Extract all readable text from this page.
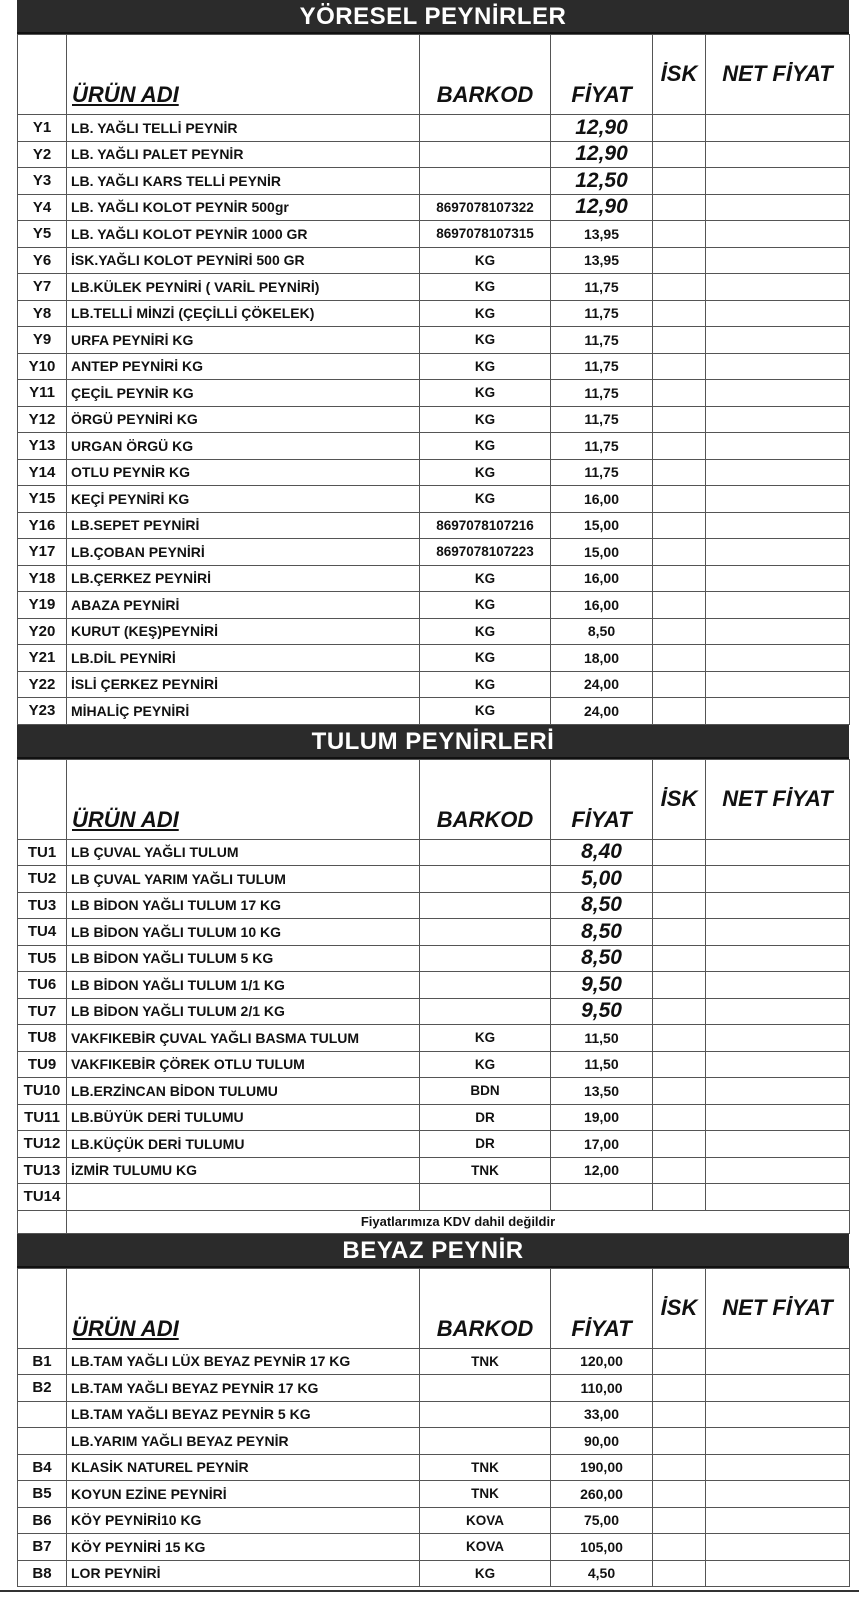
YÖRESEL PEYNİRLER
	ÜRÜN ADI	BARKOD	FİYAT	İSK	NET FİYAT
Y1	LB. YAĞLI TELLİ PEYNİR		12,90		
Y2	LB. YAĞLI PALET PEYNİR		12,90		
Y3	LB. YAĞLI KARS TELLİ PEYNİR		12,50		
Y4	LB. YAĞLI KOLOT PEYNİR 500gr	8697078107322	12,90		
Y5	LB. YAĞLI KOLOT PEYNİR 1000 GR	8697078107315	13,95		
Y6	İSK.YAĞLI KOLOT PEYNİRİ 500 GR	KG	13,95		
Y7	LB.KÜLEK PEYNİRİ ( VARİL PEYNİRİ)	KG	11,75		
Y8	LB.TELLİ MİNZİ (ÇEÇİLLİ ÇÖKELEK)	KG	11,75		
Y9	URFA PEYNİRİ KG	KG	11,75		
Y10	ANTEP PEYNİRİ KG	KG	11,75		
Y11	ÇEÇİL PEYNİR KG	KG	11,75		
Y12	ÖRGÜ PEYNİRİ KG	KG	11,75		
Y13	URGAN ÖRGÜ KG	KG	11,75		
Y14	OTLU PEYNİR KG	KG	11,75		
Y15	KEÇİ PEYNİRİ KG	KG	16,00		
Y16	LB.SEPET PEYNİRİ	8697078107216	15,00		
Y17	LB.ÇOBAN PEYNİRİ	8697078107223	15,00		
Y18	LB.ÇERKEZ PEYNİRİ	KG	16,00		
Y19	ABAZA PEYNİRİ	KG	16,00		
Y20	KURUT (KEŞ)PEYNİRİ	KG	8,50		
Y21	LB.DİL PEYNİRİ	KG	18,00		
Y22	İSLİ ÇERKEZ PEYNİRİ	KG	24,00		
Y23	MİHALİÇ PEYNİRİ	KG	24,00		
TULUM PEYNİRLERİ
	ÜRÜN ADI	BARKOD	FİYAT	İSK	NET FİYAT
TU1	LB ÇUVAL YAĞLI TULUM		8,40		
TU2	LB ÇUVAL YARIM YAĞLI TULUM		5,00		
TU3	LB BİDON YAĞLI TULUM 17 KG		8,50		
TU4	LB BİDON YAĞLI TULUM 10 KG		8,50		
TU5	LB BİDON YAĞLI TULUM 5 KG		8,50		
TU6	LB BİDON YAĞLI TULUM 1/1 KG		9,50		
TU7	LB BİDON YAĞLI TULUM 2/1 KG		9,50		
TU8	VAKFIKEBİR ÇUVAL YAĞLI BASMA TULUM	KG	11,50		
TU9	VAKFIKEBİR ÇÖREK OTLU TULUM	KG	11,50		
TU10	LB.ERZİNCAN BİDON TULUMU	BDN	13,50		
TU11	LB.BÜYÜK DERİ TULUMU	DR	19,00		
TU12	LB.KÜÇÜK DERİ TULUMU	DR	17,00		
TU13	İZMİR TULUMU KG	TNK	12,00		
TU14					
	Fiyatlarımıza KDV dahil değildir				
BEYAZ PEYNİR
	ÜRÜN ADI	BARKOD	FİYAT	İSK	NET FİYAT
B1	LB.TAM YAĞLI LÜX BEYAZ PEYNİR 17 KG	TNK	120,00		
B2	LB.TAM YAĞLI BEYAZ PEYNİR 17 KG		110,00		
	LB.TAM YAĞLI BEYAZ PEYNİR 5 KG		33,00		
	LB.YARIM YAĞLI BEYAZ PEYNİR		90,00		
B4	KLASİK NATUREL PEYNİR	TNK	190,00		
B5	KOYUN EZİNE PEYNİRİ	TNK	260,00		
B6	KÖY PEYNİRİ10 KG	KOVA	75,00		
B7	KÖY PEYNİRİ 15 KG	KOVA	105,00		
B8	LOR PEYNİRİ	KG	4,50		
